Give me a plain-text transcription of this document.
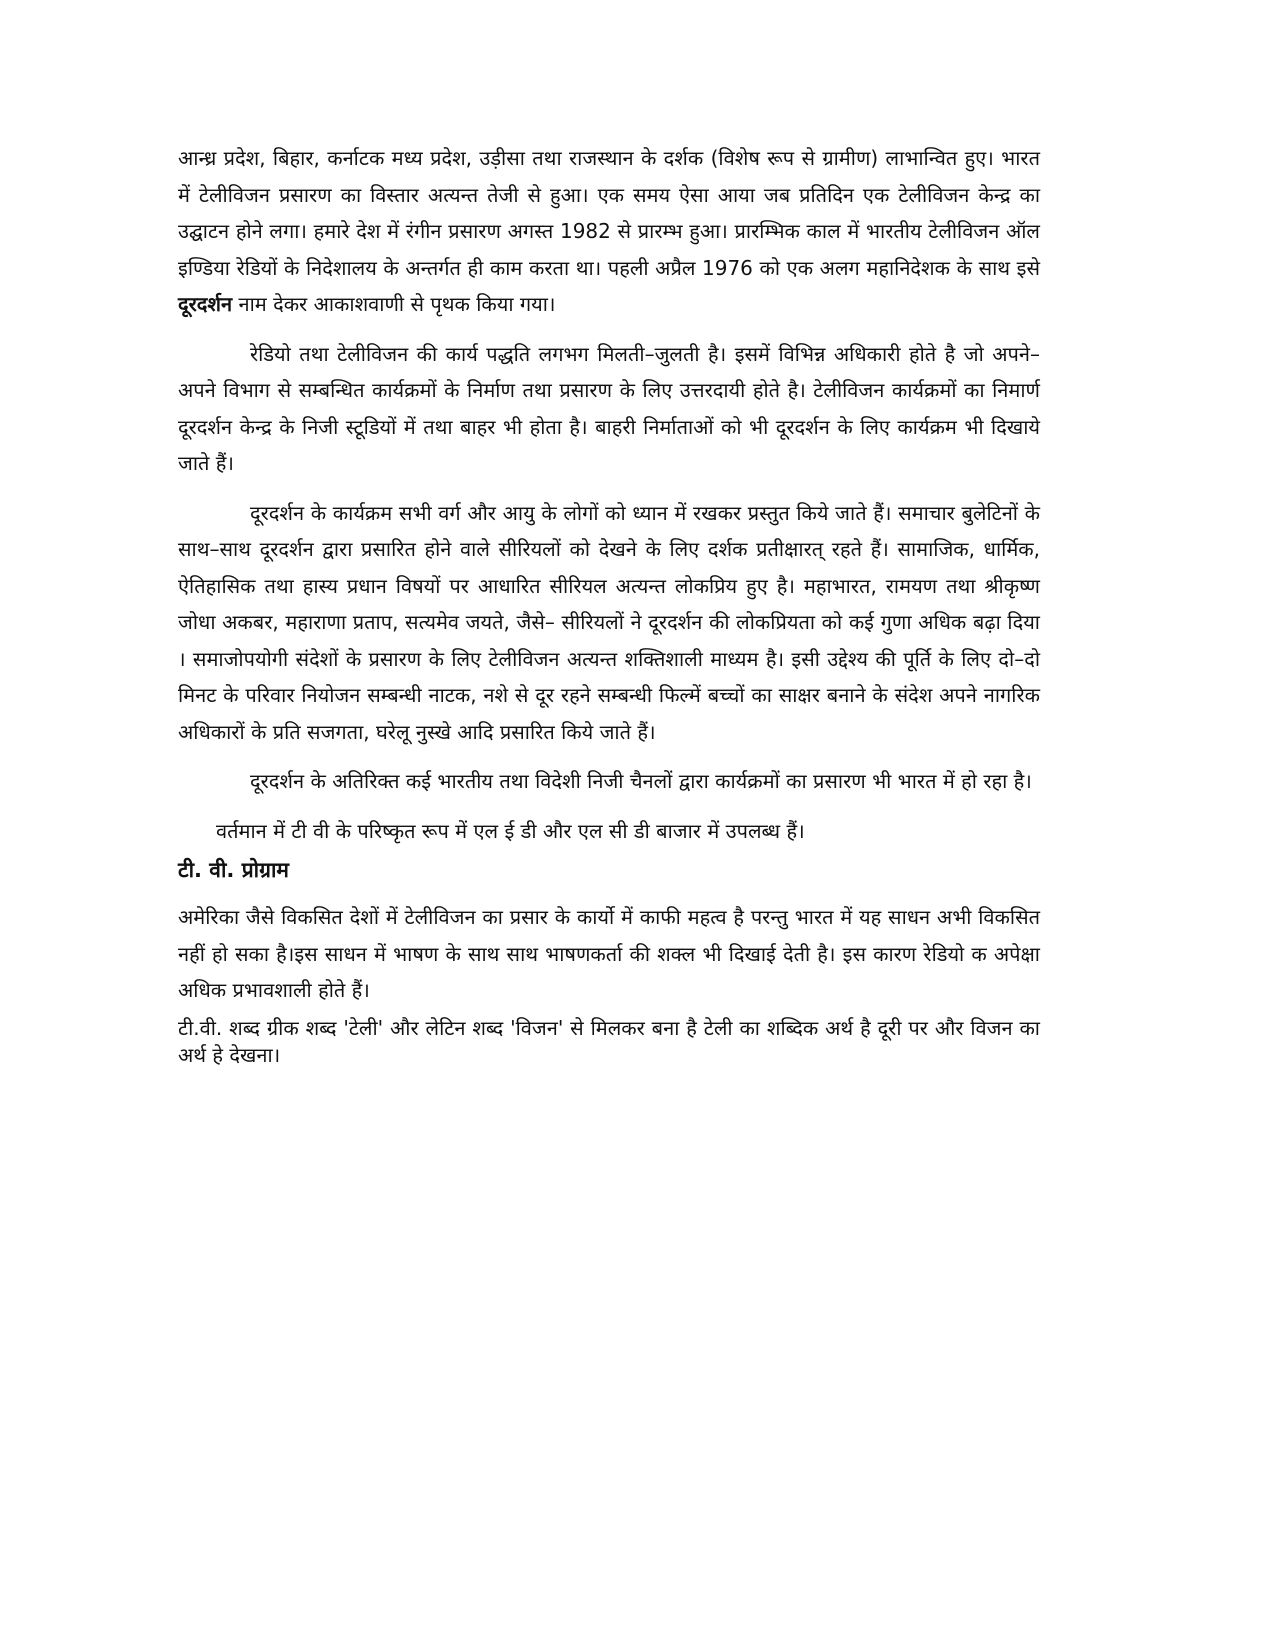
आन्ध्र प्रदेश, बिहार, कर्नाटक मध्य प्रदेश, उड़ीसा तथा राजस्थान के दर्शक (विशेष रूप से ग्रामीण) लाभान्वित हुए। भारत में टेलीविजन प्रसारण का विस्तार अत्यन्त तेजी से हुआ। एक समय ऐसा आया जब प्रतिदिन एक टेलीविजन केन्द्र का उद्घाटन होने लगा। हमारे देश में रंगीन प्रसारण अगस्त 1982 से प्रारम्भ हुआ। प्रारम्भिक काल में भारतीय टेलीविजन ऑल इण्डिया रेडियों के निदेशालय के अन्तर्गत ही काम करता था। पहली अप्रैल 1976 को एक अलग महानिदेशक के साथ इसे दूरदर्शन नाम देकर आकाशवाणी से पृथक किया गया।

रेडियो तथा टेलीविजन की कार्य पद्धति लगभग मिलती–जुलती है। इसमें विभिन्न अधिकारी होते है जो अपने–अपने विभाग से सम्बन्धित कार्यक्रमों के निर्माण तथा प्रसारण के लिए उत्तरदायी होते है। टेलीविजन कार्यक्रमों का निमार्ण दूरदर्शन केन्द्र के निजी स्टूडियों में तथा बाहर भी होता है। बाहरी निर्माताओं को भी दूरदर्शन के लिए कार्यक्रम भी दिखाये जाते हैं।

दूरदर्शन के कार्यक्रम सभी वर्ग और आयु के लोगों को ध्यान में रखकर प्रस्तुत किये जाते हैं। समाचार बुलेटिनों के साथ–साथ दूरदर्शन द्वारा प्रसारित होने वाले सीरियलों को देखने के लिए दर्शक प्रतीक्षारत् रहते हैं। सामाजिक, धार्मिक, ऐतिहासिक तथा हास्य प्रधान विषयों पर आधारित सीरियल अत्यन्त लोकप्रिय हुए है। महाभारत, रामयण तथा श्रीकृष्ण जोधा अकबर, महाराणा प्रताप, सत्यमेव जयते, जैसे– सीरियलों ने दूरदर्शन की लोकप्रियता को कई गुणा अधिक बढ़ा दिया । समाजोपयोगी संदेशों के प्रसारण के लिए टेलीविजन अत्यन्त शक्तिशाली माध्यम है। इसी उद्देश्य की पूर्ति के लिए दो–दो मिनट के परिवार नियोजन सम्बन्धी नाटक, नशे से दूर रहने सम्बन्धी फिल्में बच्चों का साक्षर बनाने के संदेश अपने नागरिक अधिकारों के प्रति सजगता, घरेलू नुस्खे आदि प्रसारित किये जाते हैं।

दूरदर्शन के अतिरिक्त कई भारतीय तथा विदेशी निजी चैनलों द्वारा कार्यक्रमों का प्रसारण भी भारत में हो रहा है।

वर्तमान में टी वी के परिष्कृत रूप में एल ई डी और एल सी डी बाजार में उपलब्ध हैं।

टी. वी. प्रोग्राम

अमेरिका जैसे विकसित देशों में टेलीविजन का प्रसार के कार्यो में काफी महत्व है परन्तु भारत में यह साधन अभी विकसित नहीं हो सका है।इस साधन में भाषण के साथ साथ भाषणकर्ता की शक्ल भी दिखाई देती है। इस कारण रेडियो क अपेक्षा अधिक प्रभावशाली होते हैं।

टी.वी. शब्द ग्रीक शब्द 'टेली' और लेटिन शब्द 'विजन' से मिलकर बना है टेली का शब्दिक अर्थ है दूरी पर और विजन का अर्थ हे देखना।
